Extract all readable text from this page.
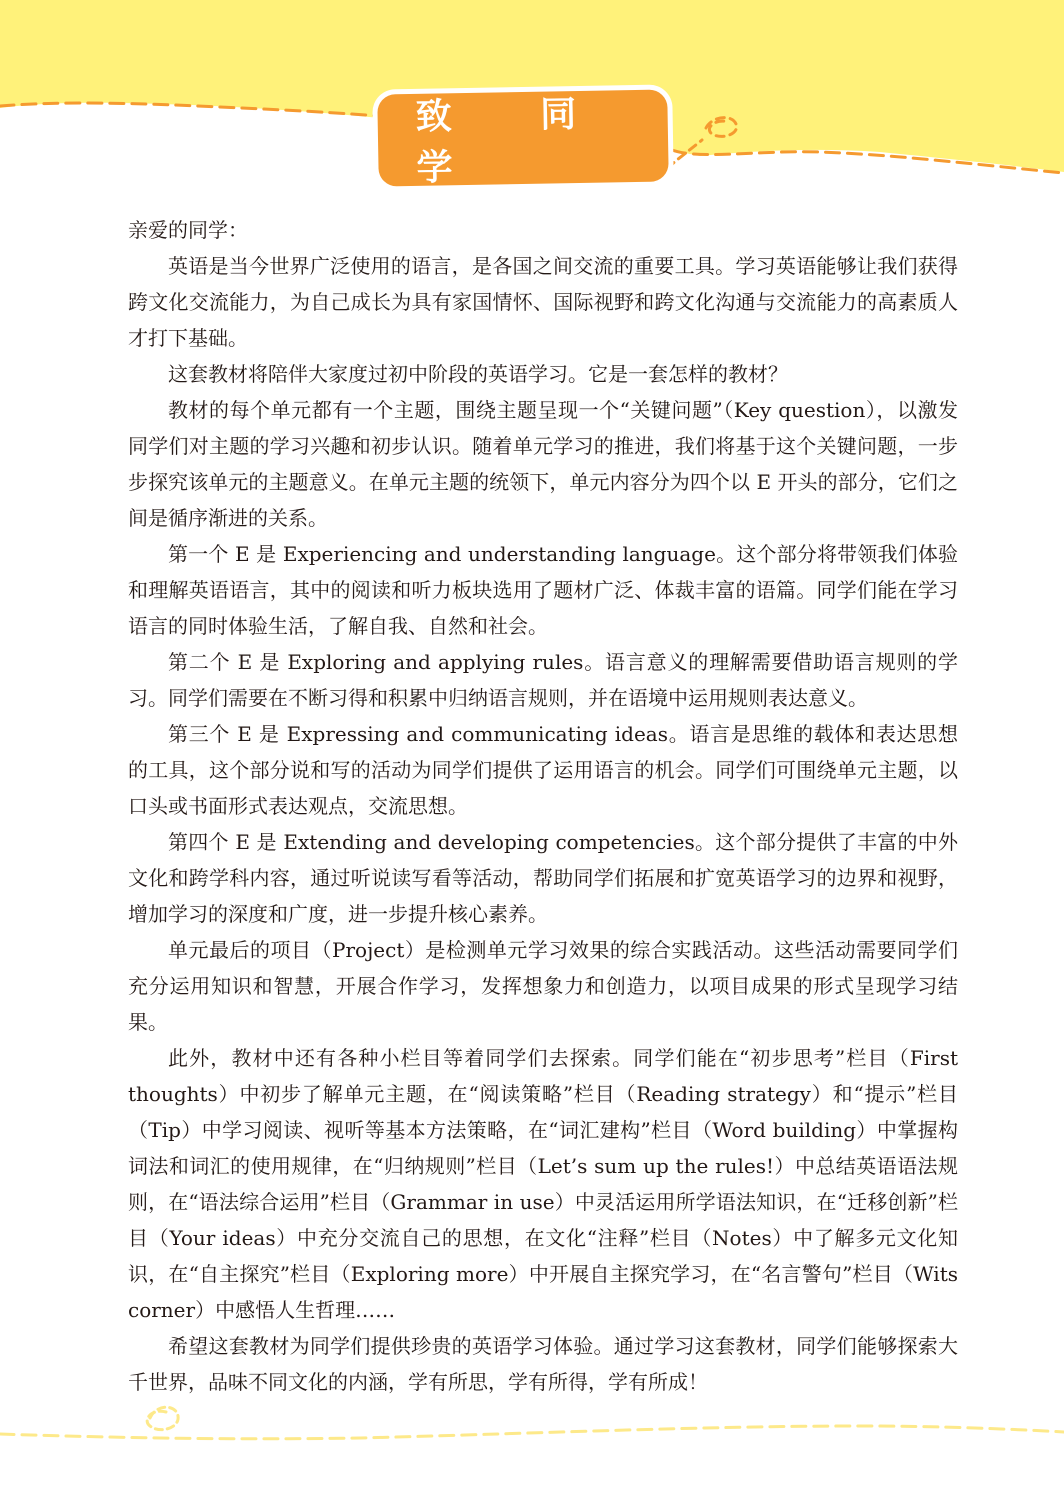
致 同 学

亲爱的同学：

英语是当今世界广泛使用的语言，是各国之间交流的重要工具。学习英语能够让我们获得跨文化交流能力，为自己成长为具有家国情怀、国际视野和跨文化沟通与交流能力的高素质人才打下基础。

这套教材将陪伴大家度过初中阶段的英语学习。它是一套怎样的教材？

教材的每个单元都有一个主题，围绕主题呈现一个“关键问题”（Key question），以激发同学们对主题的学习兴趣和初步认识。随着单元学习的推进，我们将基于这个关键问题，一步步探究该单元的主题意义。在单元主题的统领下，单元内容分为四个以 E 开头的部分，它们之间是循序渐进的关系。

第一个 E 是 Experiencing and understanding language。这个部分将带领我们体验和理解英语语言，其中的阅读和听力板块选用了题材广泛、体裁丰富的语篇。同学们能在学习语言的同时体验生活，了解自我、自然和社会。

第二个 E 是 Exploring and applying rules。语言意义的理解需要借助语言规则的学习。同学们需要在不断习得和积累中归纳语言规则，并在语境中运用规则表达意义。

第三个 E 是 Expressing and communicating ideas。语言是思维的载体和表达思想的工具，这个部分说和写的活动为同学们提供了运用语言的机会。同学们可围绕单元主题，以口头或书面形式表达观点，交流思想。

第四个 E 是 Extending and developing competencies。这个部分提供了丰富的中外文化和跨学科内容，通过听说读写看等活动，帮助同学们拓展和扩宽英语学习的边界和视野，增加学习的深度和广度，进一步提升核心素养。

单元最后的项目（Project）是检测单元学习效果的综合实践活动。这些活动需要同学们充分运用知识和智慧，开展合作学习，发挥想象力和创造力，以项目成果的形式呈现学习结果。

此外，教材中还有各种小栏目等着同学们去探索。同学们能在“初步思考”栏目（First thoughts）中初步了解单元主题，在“阅读策略”栏目（Reading strategy）和“提示”栏目（Tip）中学习阅读、视听等基本方法策略，在“词汇建构”栏目（Word building）中掌握构词法和词汇的使用规律，在“归纳规则”栏目（Let’s sum up the rules!）中总结英语语法规则，在“语法综合运用”栏目（Grammar in use）中灵活运用所学语法知识，在“迁移创新”栏目（Your ideas）中充分交流自己的思想，在文化“注释”栏目（Notes）中了解多元文化知识，在“自主探究”栏目（Exploring more）中开展自主探究学习，在“名言警句”栏目（Wits corner）中感悟人生哲理……

希望这套教材为同学们提供珍贵的英语学习体验。通过学习这套教材，同学们能够探索大千世界，品味不同文化的内涵，学有所思，学有所得，学有所成！
